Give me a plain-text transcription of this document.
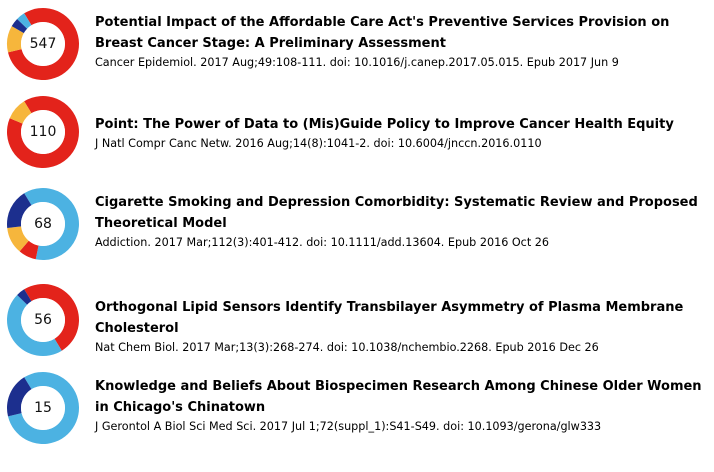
547
Potential Impact of the Affordable Care Act's Preventive Services Provision on Breast Cancer Stage: A Preliminary Assessment
Cancer Epidemiol. 2017 Aug;49:108-111. doi: 10.1016/j.canep.2017.05.015. Epub 2017 Jun 9
110	Point: The Power of Data to (Mis)Guide Policy to Improve Cancer Health Equity
J Natl Compr Canc Netw. 2016 Aug;14(8):1041-2. doi: 10.6004/jnccn.2016.0110
68
Cigarette Smoking and Depression Comorbidity: Systematic Review and Proposed Theoretical Model
Addiction. 2017 Mar;112(3):401-412. doi: 10.1111/add.13604. Epub 2016 Oct 26
56
Orthogonal Lipid Sensors Identify Transbilayer Asymmetry of Plasma Membrane Cholesterol
Nat Chem Biol. 2017 Mar;13(3):268-274. doi: 10.1038/nchembio.2268. Epub 2016 Dec 26
15
Knowledge and Beliefs About Biospecimen Research Among Chinese Older Women in Chicago's Chinatown
J Gerontol A Biol Sci Med Sci. 2017 Jul 1;72(suppl_1):S41-S49. doi: 10.1093/gerona/glw333
